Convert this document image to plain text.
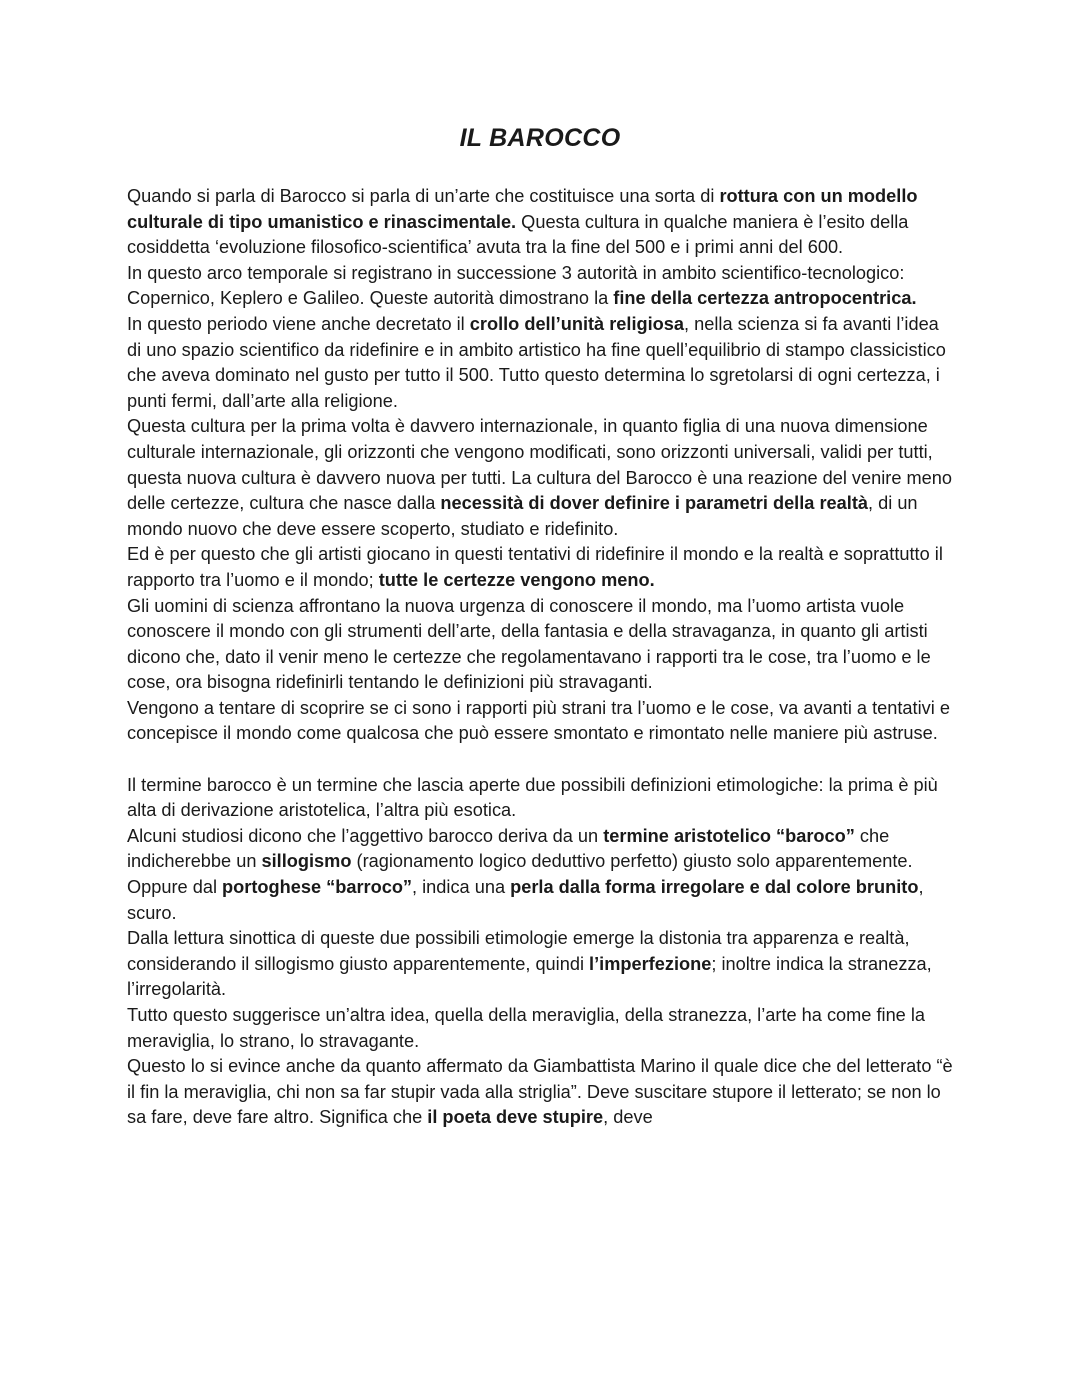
IL BAROCCO

Quando si parla di Barocco si parla di un’arte che costituisce una sorta di rottura con un modello culturale di tipo umanistico e rinascimentale. Questa cultura in qualche maniera è l’esito della cosiddetta ‘evoluzione filosofico-scientifica’ avuta tra la fine del 500 e i primi anni del 600.

In questo arco temporale si registrano in successione 3 autorità in ambito scientifico-tecnologico: Copernico, Keplero e Galileo. Queste autorità dimostrano la fine della certezza antropocentrica.

In questo periodo viene anche decretato il crollo dell’unità religiosa, nella scienza si fa avanti l’idea di uno spazio scientifico da ridefinire e in ambito artistico ha fine quell’equilibrio di stampo classicistico che aveva dominato nel gusto per tutto il 500. Tutto questo determina lo sgretolarsi di ogni certezza, i punti fermi, dall’arte alla religione.

Questa cultura per la prima volta è davvero internazionale, in quanto figlia di una nuova dimensione culturale internazionale, gli orizzonti che vengono modificati, sono orizzonti universali, validi per tutti, questa nuova cultura è davvero nuova per tutti. La cultura del Barocco è una reazione del venire meno delle certezze, cultura che nasce dalla necessità di dover definire i parametri della realtà, di un mondo nuovo che deve essere scoperto, studiato e ridefinito.

Ed è per questo che gli artisti giocano in questi tentativi di ridefinire il mondo e la realtà e soprattutto il rapporto tra l’uomo e il mondo; tutte le certezze vengono meno.

Gli uomini di scienza affrontano la nuova urgenza di conoscere il mondo, ma l’uomo artista vuole conoscere il mondo con gli strumenti dell’arte, della fantasia e della stravaganza, in quanto gli artisti dicono che, dato il venir meno le certezze che regolamentavano i rapporti tra le cose, tra l’uomo e le cose, ora bisogna ridefinirli tentando le definizioni più stravaganti.

Vengono a tentare di scoprire se ci sono i rapporti più strani tra l’uomo e le cose, va avanti a tentativi e concepisce il mondo come qualcosa che può essere smontato e rimontato nelle maniere più astruse.

Il termine barocco è un termine che lascia aperte due possibili definizioni etimologiche: la prima è più alta di derivazione aristotelica, l’altra più esotica.

Alcuni studiosi dicono che l’aggettivo barocco deriva da un termine aristotelico “baroco” che indicherebbe un sillogismo (ragionamento logico deduttivo perfetto) giusto solo apparentemente.

Oppure dal portoghese “barroco”, indica una perla dalla forma irregolare e dal colore brunito, scuro.

Dalla lettura sinottica di queste due possibili etimologie emerge la distonia tra apparenza e realtà, considerando il sillogismo giusto apparentemente, quindi l’imperfezione; inoltre indica la stranezza, l’irregolarità.

Tutto questo suggerisce un’altra idea, quella della meraviglia, della stranezza, l’arte ha come fine la meraviglia, lo strano, lo stravagante.

Questo lo si evince anche da quanto affermato da Giambattista Marino il quale dice che del letterato “è il fin la meraviglia, chi non sa far stupir vada alla striglia”. Deve suscitare stupore il letterato; se non lo sa fare, deve fare altro. Significa che il poeta deve stupire, deve
